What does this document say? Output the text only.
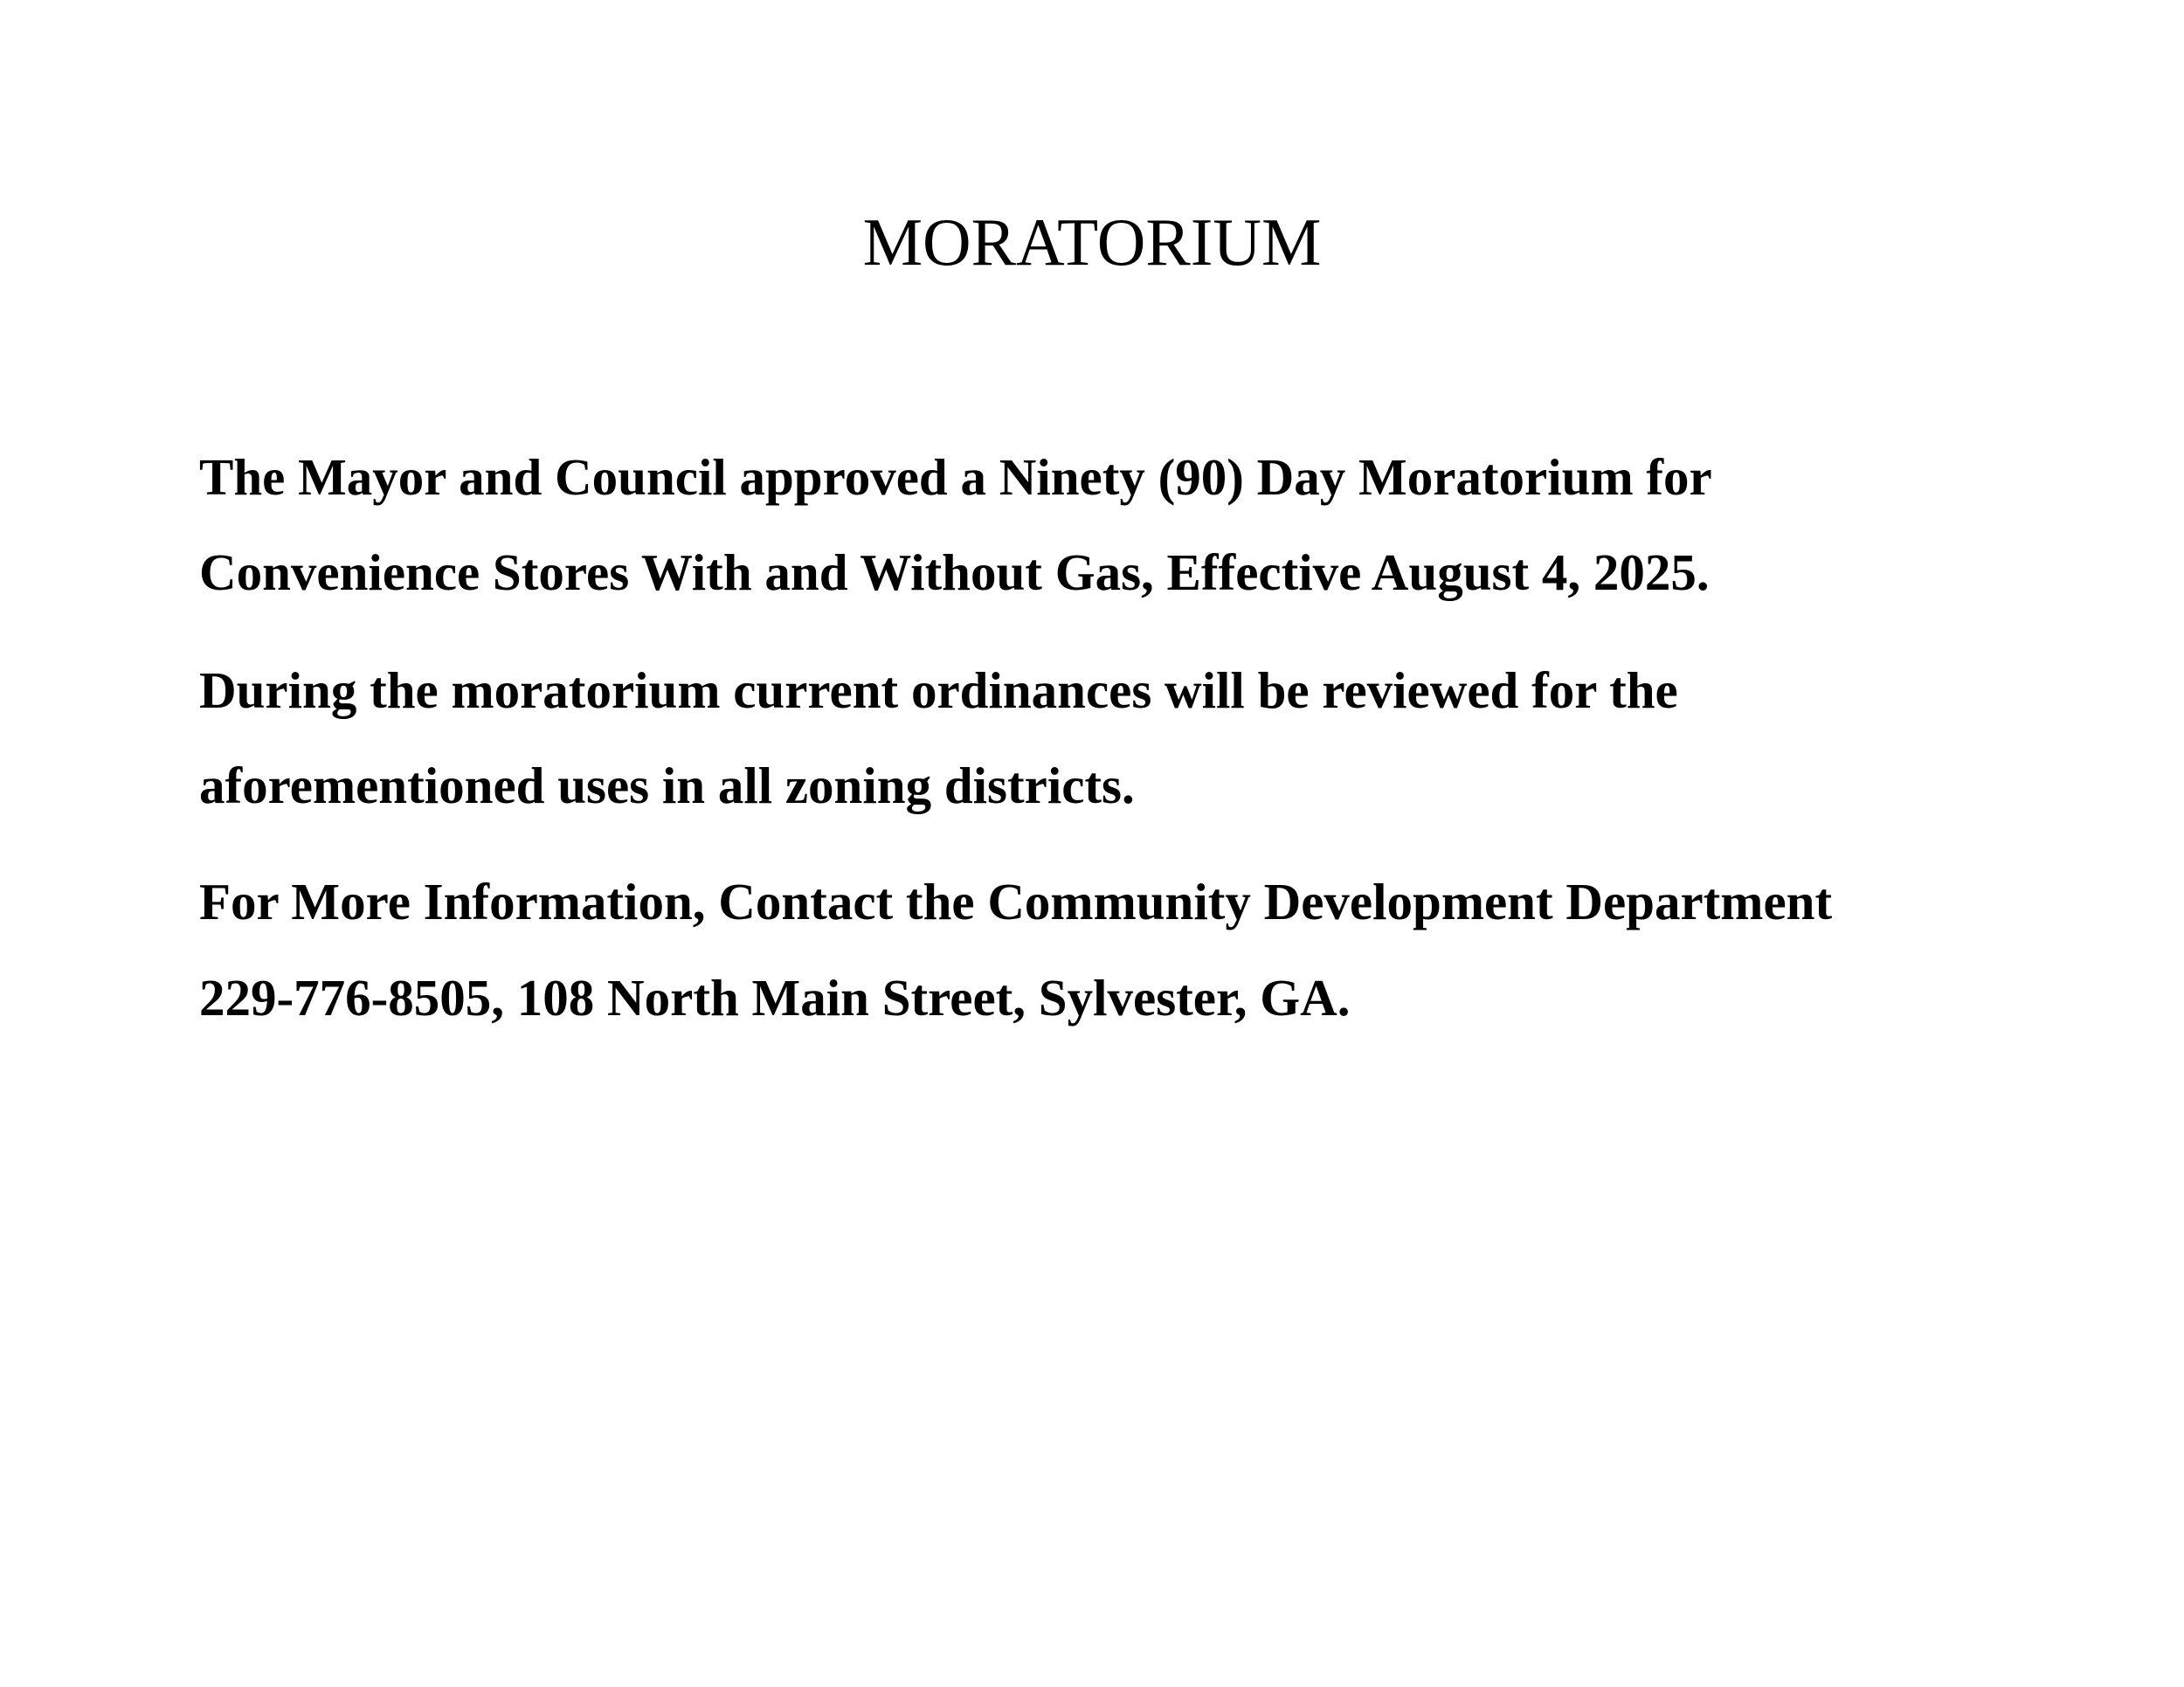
MORATORIUM

The Mayor and Council approved a Ninety (90) Day Moratorium for

Convenience Stores With and Without Gas, Effective August 4, 2025.

During the moratorium current ordinances will be reviewed for the

aforementioned uses in all zoning districts.

For More Information, Contact the Community Development Department

229-776-8505, 108 North Main Street, Sylvester, GA.
